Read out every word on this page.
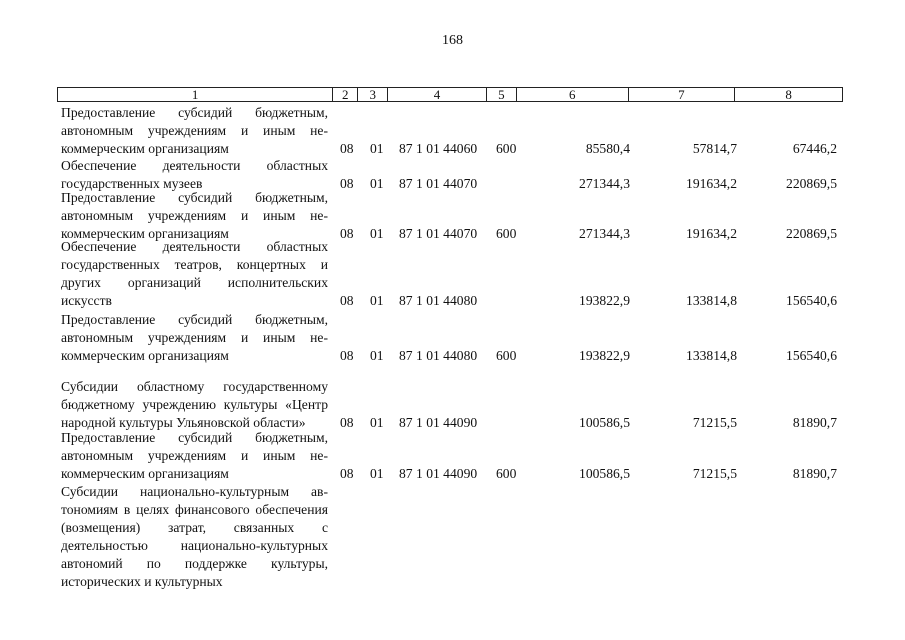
168
1	2	3	4	5	6	7	8
Предоставление субсидий бюджетным, автономным учреждениям и иным некоммерческим организациям	08 01 87 1 01 44060 600	85580,4	57814,7	67446,2
Обеспечение деятельности областных государственных музеев	08 01 87 1 01 44070	271344,3	191634,2	220869,5
Предоставление субсидий бюджетным, автономным учреждениям и иным некоммерческим организациям	08 01 87 1 01 44070 600	271344,3	191634,2	220869,5
Обеспечение деятельности областных государственных театров, концертных и других организаций исполнительских искусств	08 01 87 1 01 44080	193822,9	133814,8	156540,6
Предоставление субсидий бюджетным, автономным учреждениям и иным некоммерческим организациям	08 01 87 1 01 44080 600	193822,9	133814,8	156540,6
Субсидии областному государственному бюджетному учреждению культуры «Центр народной культуры Ульяновской области»	08 01 87 1 01 44090	100586,5	71215,5	81890,7
Предоставление субсидий бюджетным, автономным учреждениям и иным некоммерческим организациям	08 01 87 1 01 44090 600	100586,5	71215,5	81890,7
Субсидии национально-культурным автономиям в целях финансового обеспечения (возмещения) затрат, связанных с деятельностью национально-культурных автономий по поддержке культуры, исторических и культурных
